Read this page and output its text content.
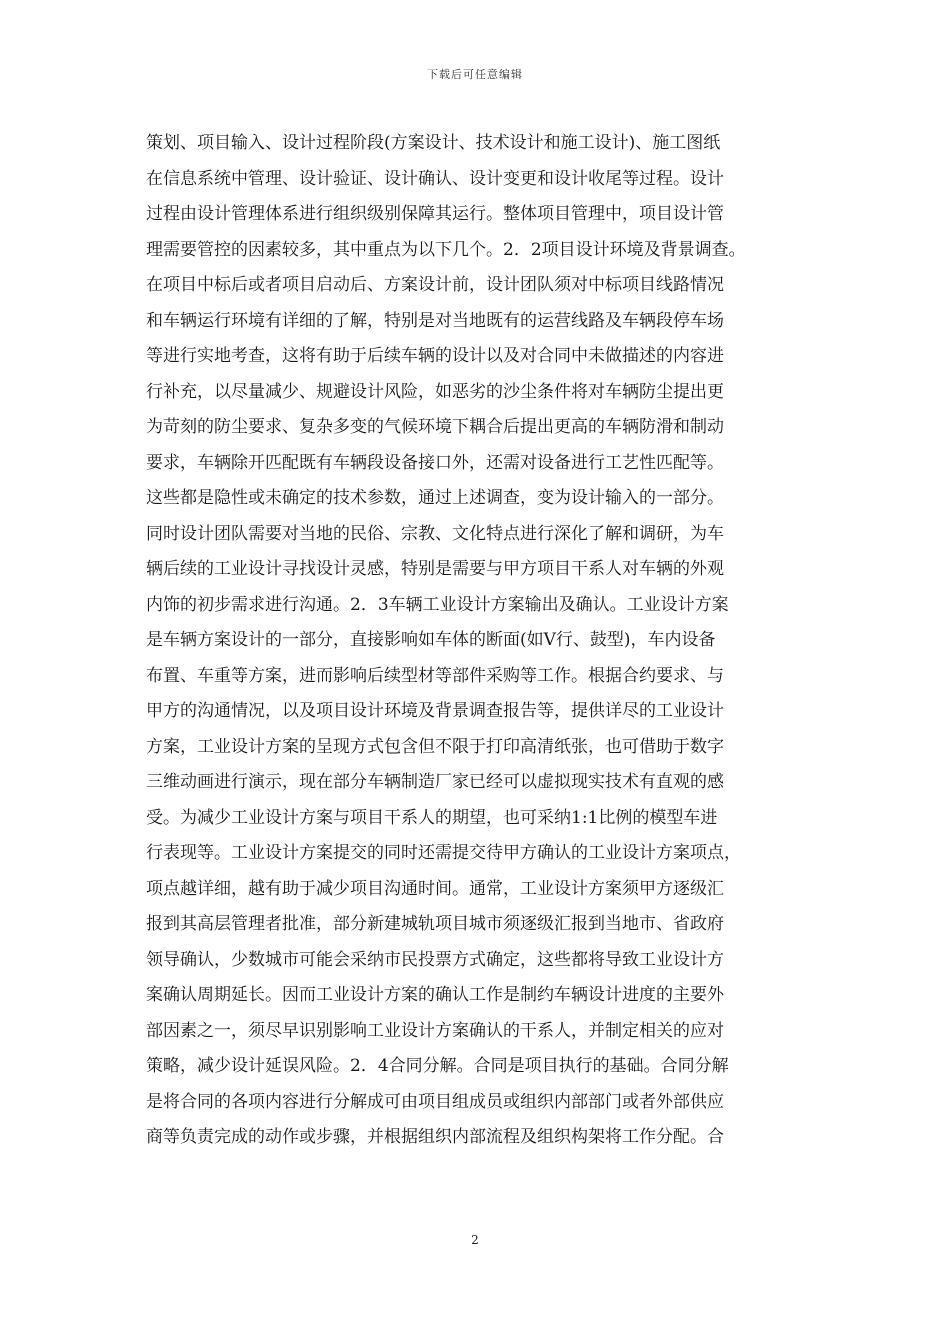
下载后可任意编辑
策划、项目输入、设计过程阶段(方案设计、技术设计和施工设计)、施工图纸
在信息系统中管理、设计验证、设计确认、设计变更和设计收尾等过程。设计
过程由设计管理体系进行组织级别保障其运行。整体项目管理中，项目设计管
理需要管控的因素较多，其中重点为以下几个。2．2项目设计环境及背景调查。
在项目中标后或者项目启动后、方案设计前，设计团队须对中标项目线路情况
和车辆运行环境有详细的了解，特别是对当地既有的运营线路及车辆段停车场
等进行实地考查，这将有助于后续车辆的设计以及对合同中未做描述的内容进
行补充，以尽量减少、规避设计风险，如恶劣的沙尘条件将对车辆防尘提出更
为苛刻的防尘要求、复杂多变的气候环境下耦合后提出更高的车辆防滑和制动
要求，车辆除开匹配既有车辆段设备接口外，还需对设备进行工艺性匹配等。
这些都是隐性或未确定的技术参数，通过上述调查，变为设计输入的一部分。
同时设计团队需要对当地的民俗、宗教、文化特点进行深化了解和调研，为车
辆后续的工业设计寻找设计灵感，特别是需要与甲方项目干系人对车辆的外观
内饰的初步需求进行沟通。2．3车辆工业设计方案输出及确认。工业设计方案
是车辆方案设计的一部分，直接影响如车体的断面(如V行、鼓型)，车内设备
布置、车重等方案，进而影响后续型材等部件采购等工作。根据合约要求、与
甲方的沟通情况，以及项目设计环境及背景调查报告等，提供详尽的工业设计
方案，工业设计方案的呈现方式包含但不限于打印高清纸张，也可借助于数字
三维动画进行演示，现在部分车辆制造厂家已经可以虚拟现实技术有直观的感
受。为减少工业设计方案与项目干系人的期望，也可采纳1:1比例的模型车进
行表现等。工业设计方案提交的同时还需提交待甲方确认的工业设计方案项点，
项点越详细，越有助于减少项目沟通时间。通常，工业设计方案须甲方逐级汇
报到其高层管理者批准，部分新建城轨项目城市须逐级汇报到当地市、省政府
领导确认，少数城市可能会采纳市民投票方式确定，这些都将导致工业设计方
案确认周期延长。因而工业设计方案的确认工作是制约车辆设计进度的主要外
部因素之一，须尽早识别影响工业设计方案确认的干系人，并制定相关的应对
策略，减少设计延误风险。2．4合同分解。合同是项目执行的基础。合同分解
是将合同的各项内容进行分解成可由项目组成员或组织内部部门或者外部供应
商等负责完成的动作或步骤，并根据组织内部流程及组织构架将工作分配。合
2
